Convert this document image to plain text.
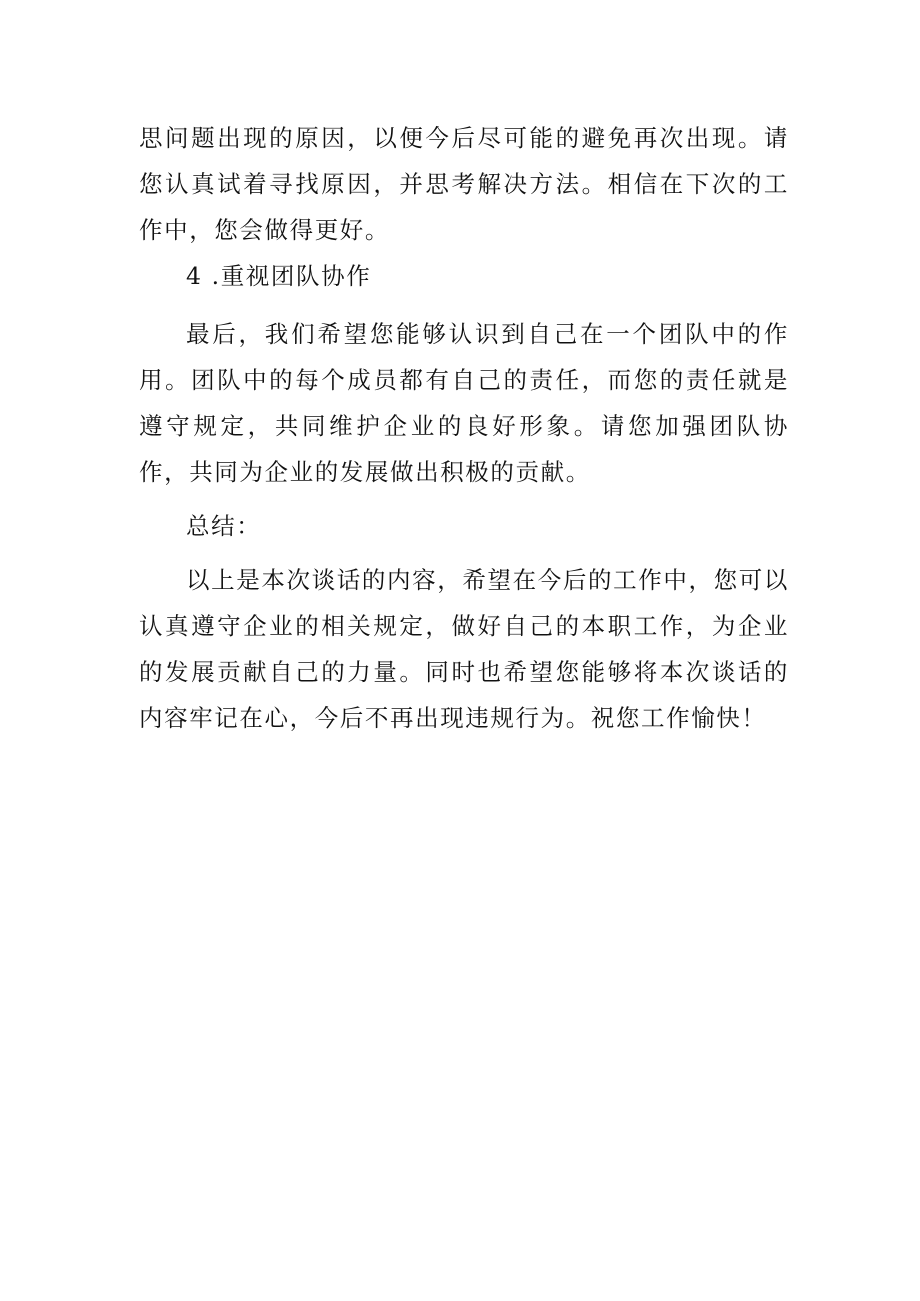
思问题出现的原因，以便今后尽可能的避免再次出现。请您认真试着寻找原因，并思考解决方法。相信在下次的工作中，您会做得更好。

4 .重视团队协作

最后，我们希望您能够认识到自己在一个团队中的作用。团队中的每个成员都有自己的责任，而您的责任就是遵守规定，共同维护企业的良好形象。请您加强团队协作，共同为企业的发展做出积极的贡献。

总结：

以上是本次谈话的内容，希望在今后的工作中，您可以认真遵守企业的相关规定，做好自己的本职工作，为企业的发展贡献自己的力量。同时也希望您能够将本次谈话的内容牢记在心，今后不再出现违规行为。祝您工作愉快！
